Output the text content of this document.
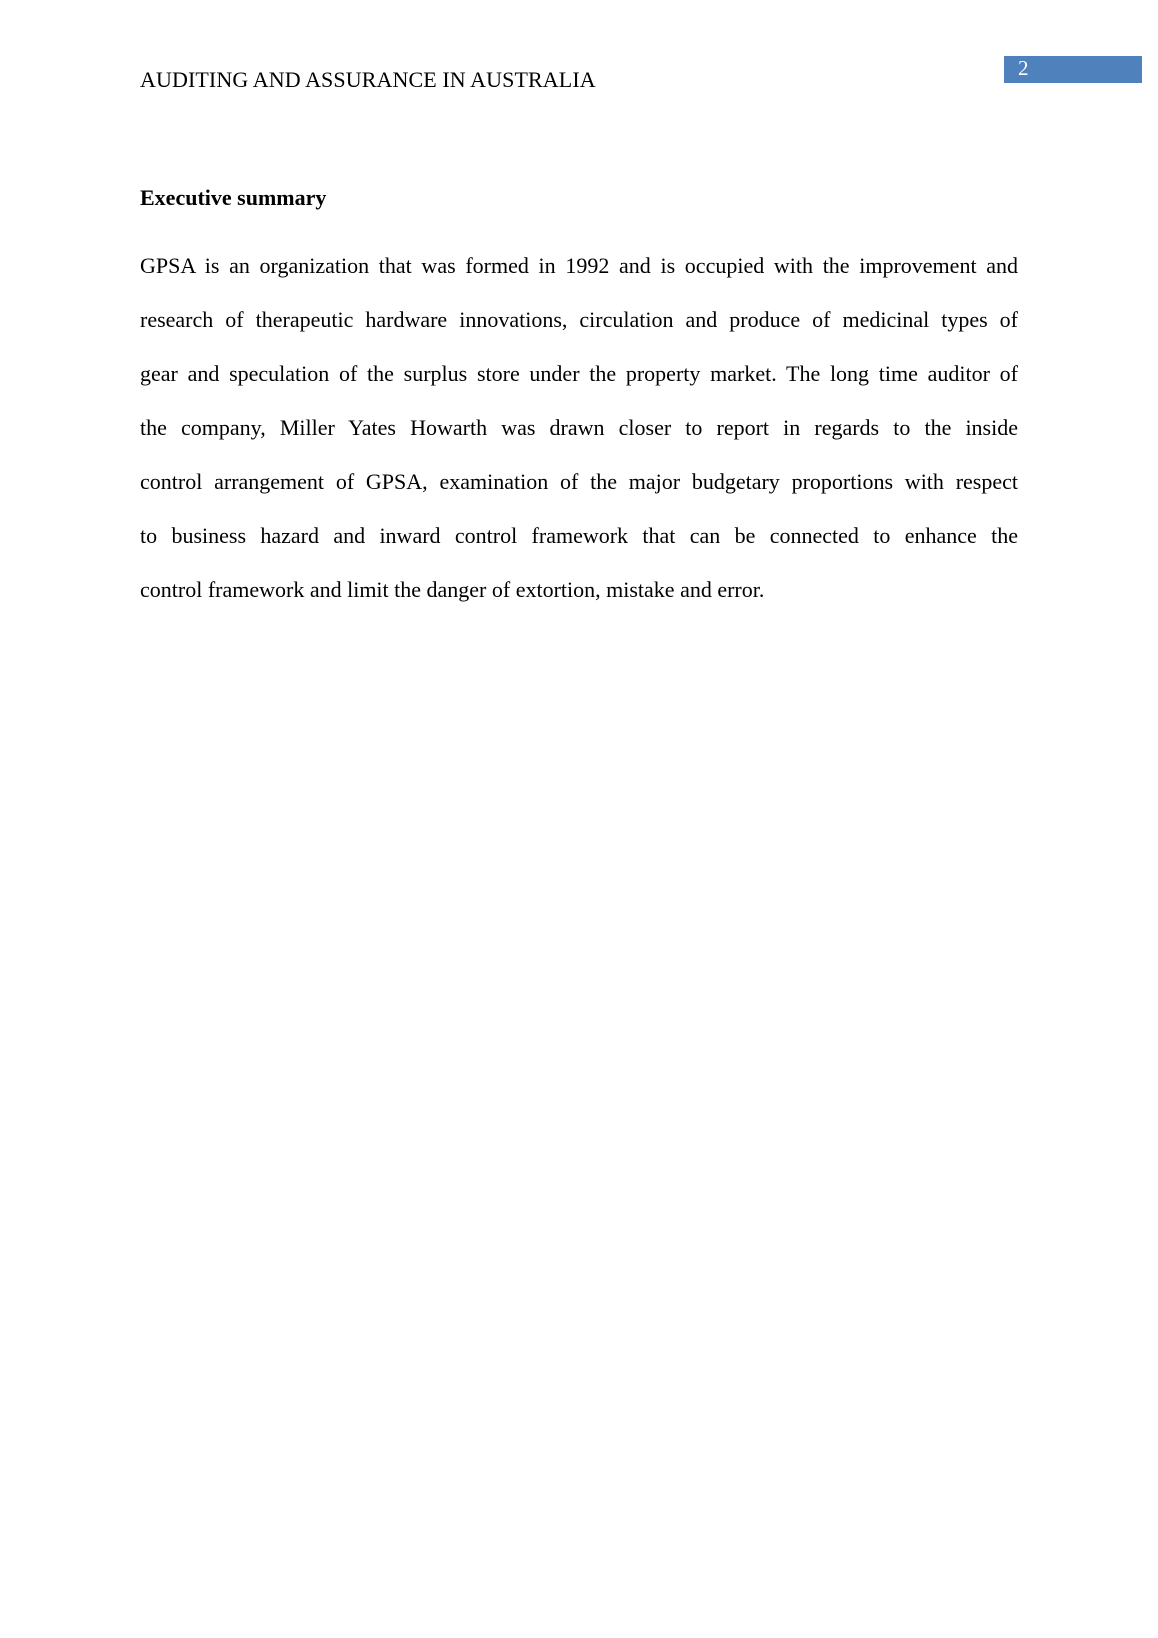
AUDITING AND ASSURANCE IN AUSTRALIA	2
Executive summary
GPSA is an organization that was formed in 1992 and is occupied with the improvement and
research of therapeutic hardware innovations, circulation and produce of medicinal types of
gear and speculation of the surplus store under the property market. The long time auditor of
the company, Miller Yates Howarth was drawn closer to report in regards to the inside
control arrangement of GPSA, examination of the major budgetary proportions with respect
to business hazard and inward control framework that can be connected to enhance the
control framework and limit the danger of extortion, mistake and error.
